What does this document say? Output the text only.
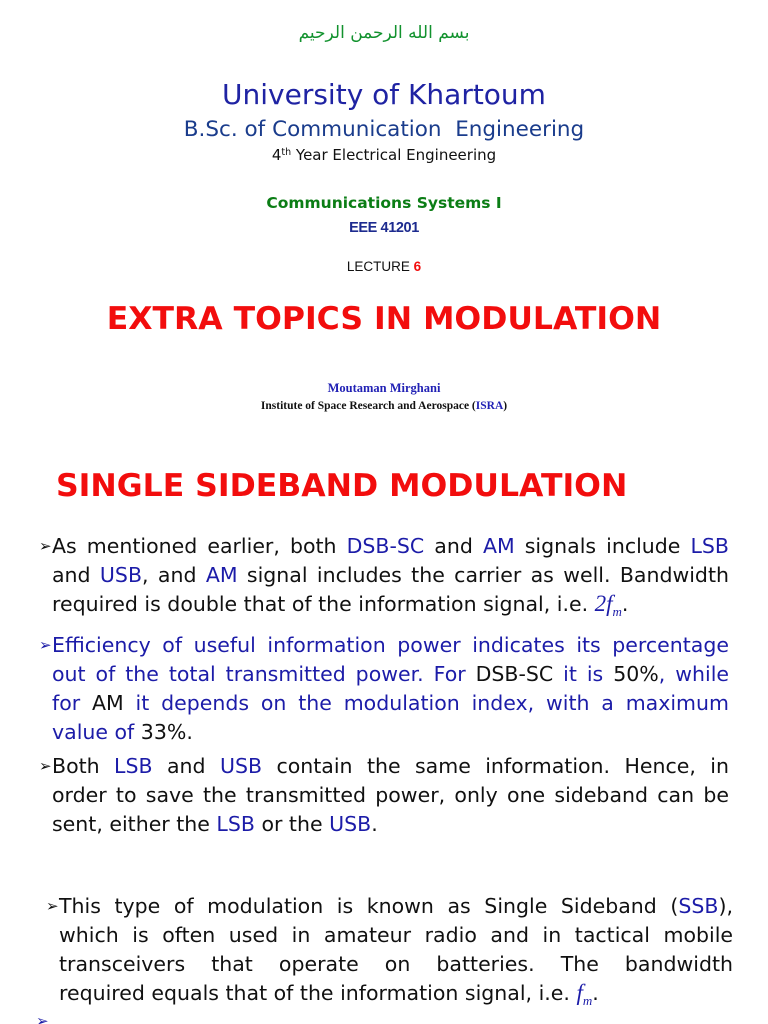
بسم الله الرحمن الرحيم
University of Khartoum
B.Sc. of Communication  Engineering
4th Year Electrical Engineering
Communications Systems I
EEE 41201
LECTURE 6
EXTRA TOPICS IN MODULATION
Moutaman Mirghani
Institute of Space Research and Aerospace (ISRA)
SINGLE SIDEBAND MODULATION
➢ As mentioned earlier, both DSB-SC and AM signals include LSB
and USB, and AM signal includes the carrier as well. Bandwidth
required is double that of the information signal, i.e. $2f_m$.
➢ Efficiency of useful information power indicates its percentage
out of the total transmitted power. For DSB-SC it is 50%, while
for AM it depends on the modulation index, with a maximum
value of 33%.
➢ Both LSB and USB contain the same information. Hence, in
order to save the transmitted power, only one sideband can be
sent, either the LSB or the USB.
➢ This type of modulation is known as Single Sideband (SSB),
which is often used in amateur radio and in tactical mobile
transceivers that operate on batteries. The bandwidth
required equals that of the information signal, i.e. $f_m$.
➢
